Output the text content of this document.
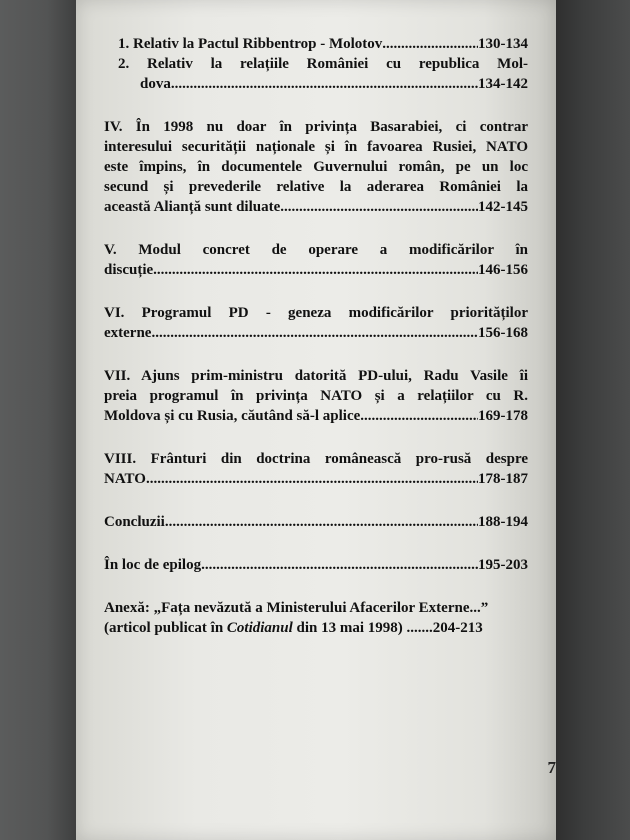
1. Relativ la Pactul Ribbentrop - Molotov .....	130-134
2. Relativ la relațiile României cu republica Mol-
dova .....	134-142
IV. În 1998 nu doar în privința Basarabiei, ci contrar
interesului securității naționale și în favoarea Rusiei, NATO
este împins, în documentele Guvernului român, pe un loc
secund și prevederile relative la aderarea României la
această Alianță sunt diluate .....	142-145
V. Modul concret de operare a modificărilor în
discuție .....	146-156
VI. Programul PD - geneza modificărilor priorităților
externe .....	156-168
VII. Ajuns prim-ministru datorită PD-ului, Radu Vasile îi
preia programul în privința NATO și a relațiilor cu R.
Moldova și cu Rusia, căutând să-l aplice .....	169-178
VIII. Frânturi din doctrina românească pro-rusă despre
NATO .....	178-187
Concluzii .....	188-194
În loc de epilog .....	195-203
Anexă: „Fața nevăzută a Ministerului Afacerilor Externe...”
(articol publicat în Cotidianul din 13 mai 1998) .......204-213
7
